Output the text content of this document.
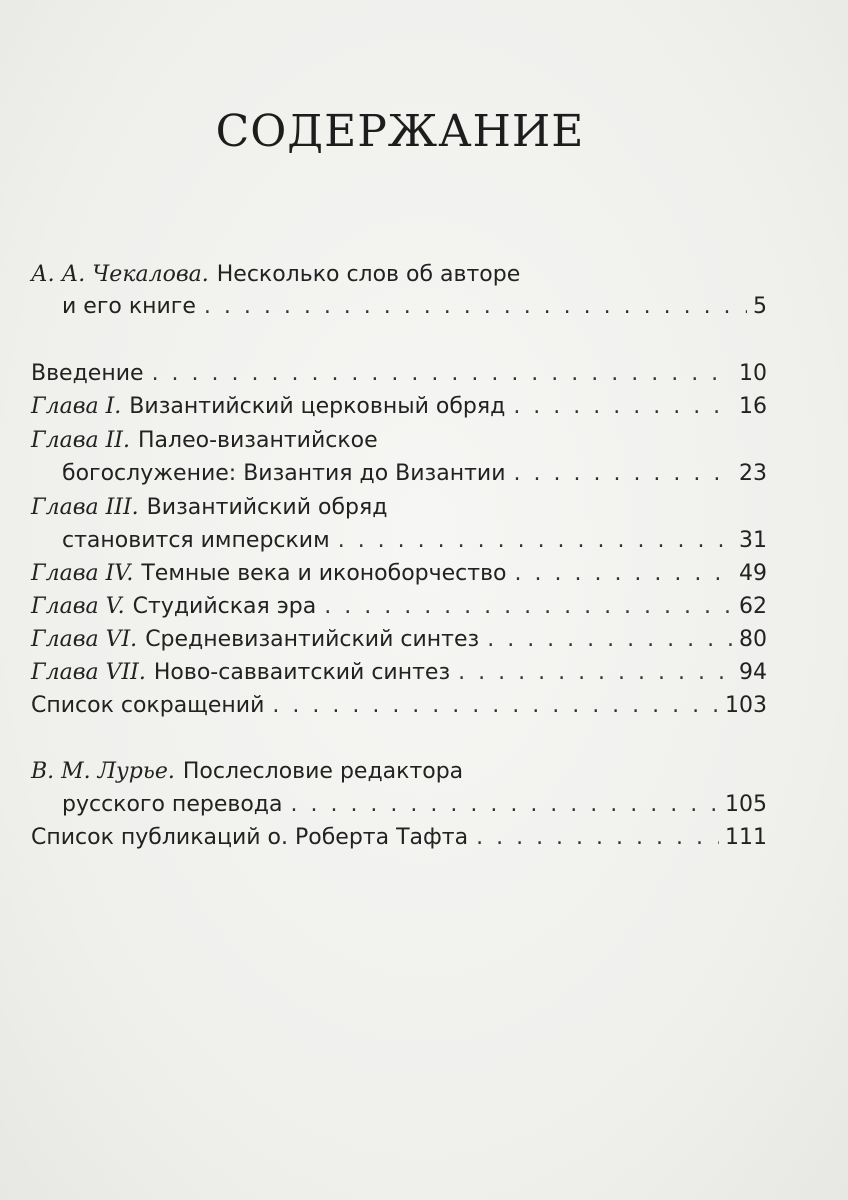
СОДЕРЖАНИЕ
А. А. Чекалова. Несколько слов об авторе
и его книге . . .	5
Введение . . .	10
Глава I. Византийский церковный обряд . . .	16
Глава II. Палео-византийское
богослужение: Византия до Византии . . .	23
Глава III. Византийский обряд
становится имперским . . .	31
Глава IV. Темные века и иконоборчество . . .	49
Глава V. Студийская эра . . .	62
Глава VI. Средневизантийский синтез . . .	80
Глава VII. Ново-савваитский синтез . . .	94
Список сокращений . . .	103
В. М. Лурье. Послесловие редактора
русского перевода . . .	105
Список публикаций о. Роберта Тафта . . .	111
